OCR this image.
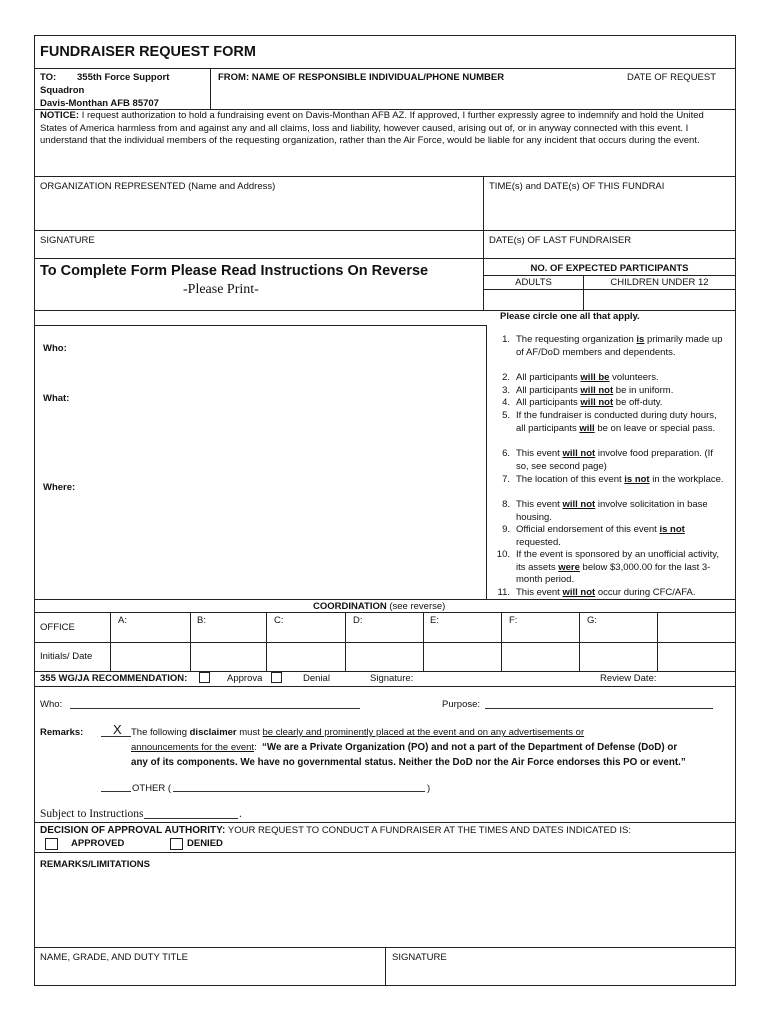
FUNDRAISER REQUEST FORM
TO: 355th Force Support
Squadron
Davis-Monthan AFB 85707
FROM: NAME OF RESPONSIBLE INDIVIDUAL/PHONE NUMBER	DATE OF REQUEST
NOTICE: I request authorization to hold a fundraising event on Davis-Monthan AFB AZ. If approved, I further expressly agree to indemnify and hold the United States of America harmless from and against any and all claims, loss and liability, however caused, arising out of, or in anyway connected with this event. I understand that the individual members of the requesting organization, rather than the Air Force, would be liable for any incident that occurs during the event.
ORGANIZATION REPRESENTED (Name and Address)	TIME(s) and DATE(s) OF THIS FUNDRAI
SIGNATURE	DATE(s) OF LAST FUNDRAISER
To Complete Form Please Read Instructions On Reverse
-Please Print-
NO. OF EXPECTED PARTICIPANTS
ADULTS	CHILDREN UNDER 12
Please circle one all that apply.
Who:
What:
Where:
1. The requesting organization is primarily made up of AF/DoD members and dependents.
2. All participants will be volunteers.
3. All participants will not be in uniform.
4. All participants will not be off-duty.
5. If the fundraiser is conducted during duty hours, all participants will be on leave or special pass.
6. This event will not involve food preparation. (If so, see second page)
7. The location of this event is not in the workplace.
8. This event will not involve solicitation in base housing.
9. Official endorsement of this event is not requested.
10. If the event is sponsored by an unofficial activity, its assets were below $3,000.00 for the last 3-month period.
11. This event will not occur during CFC/AFA.
COORDINATION (see reverse)
OFFICE
A:	B:	C:	D:	E:	F:	G:
Initials/ Date
355 WG/JA RECOMMENDATION:	Approva	Denial	Signature:	Review Date:
Who:	Purpose:
Remarks: X The following disclaimer must be clearly and prominently placed at the event and on any advertisements or
announcements for the event: “We are a Private Organization (PO) and not a part of the Department of Defense (DoD) or
any of its components. We have no governmental status. Neither the DoD nor the Air Force endorses this PO or event.”
OTHER (	)
Subject to Instructions	.
DECISION OF APPROVAL AUTHORITY: YOUR REQUEST TO CONDUCT A FUNDRAISER AT THE TIMES AND DATES INDICATED IS:
APPROVED	DENIED
REMARKS/LIMITATIONS
NAME, GRADE, AND DUTY TITLE	SIGNATURE
